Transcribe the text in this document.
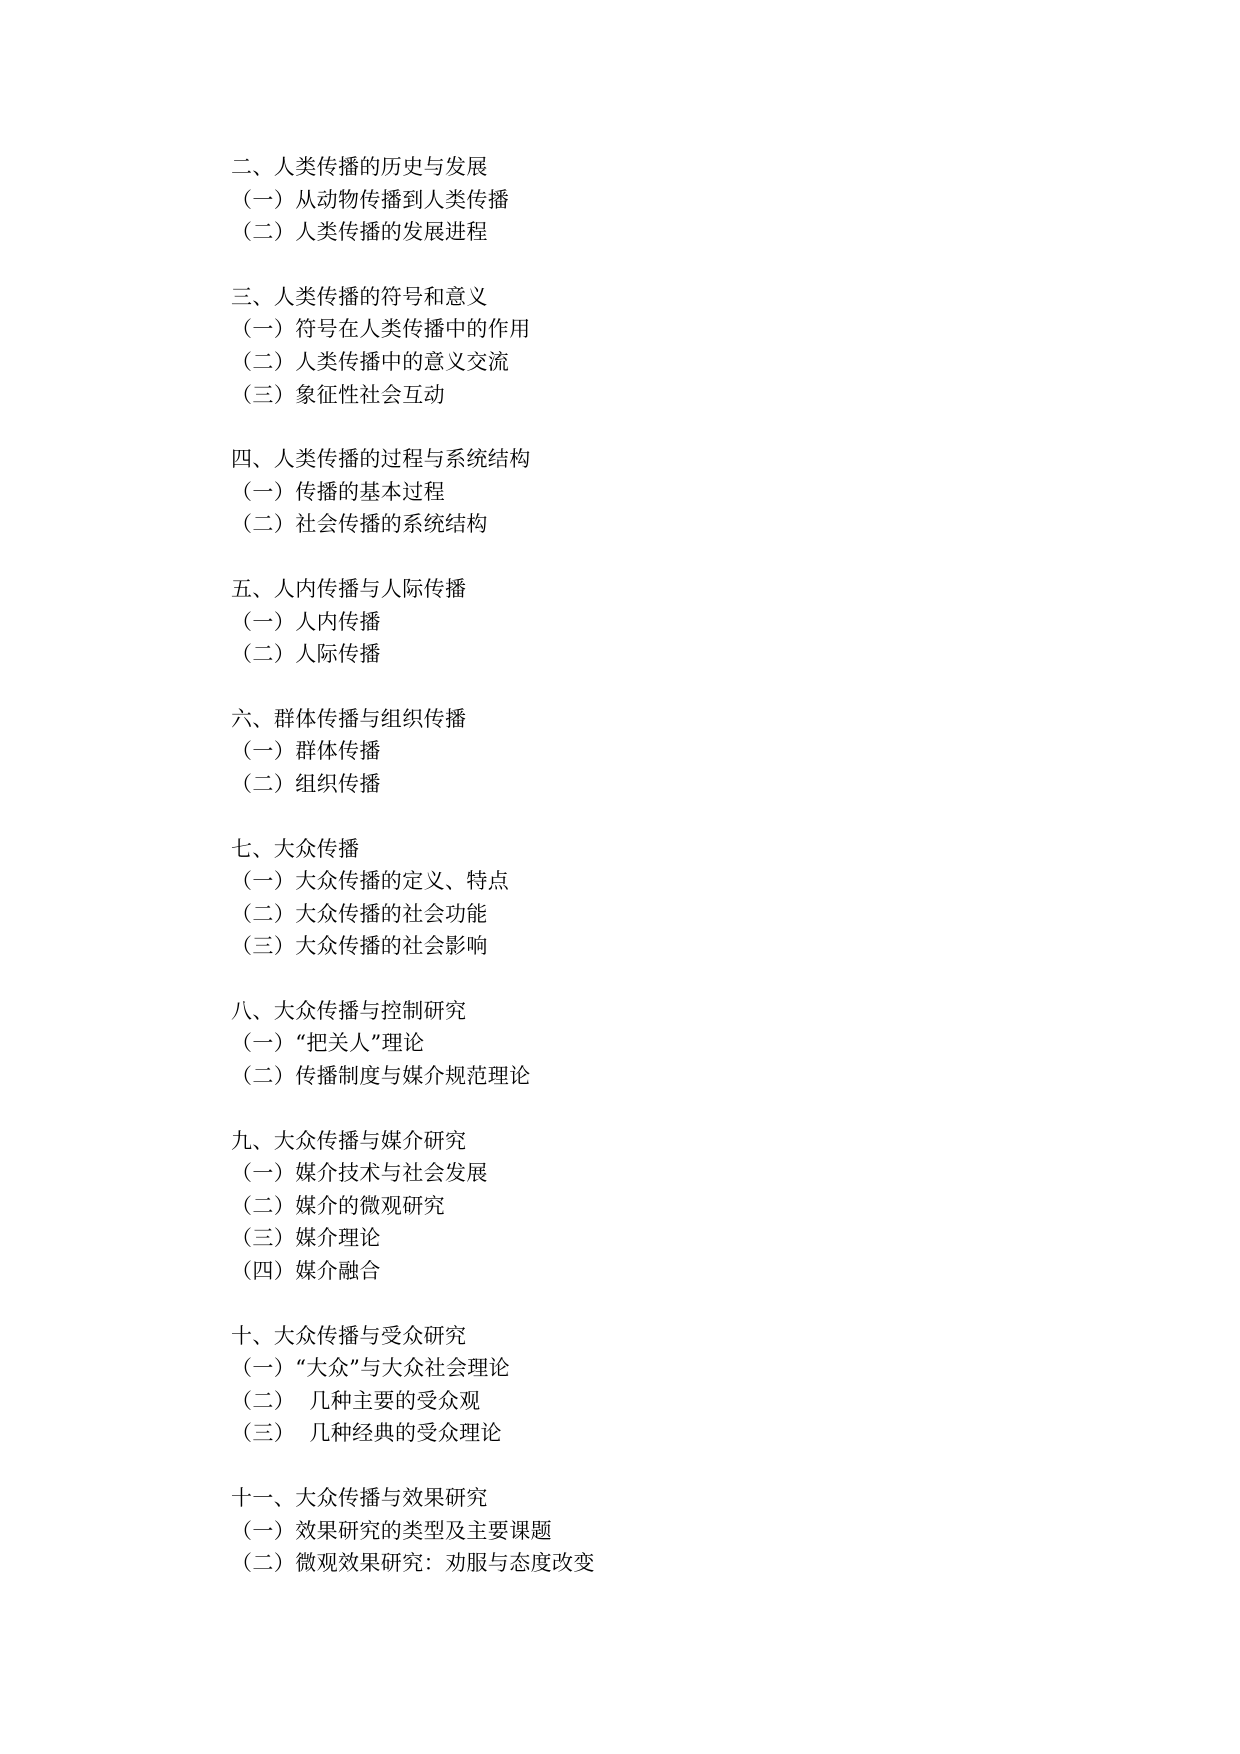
二、人类传播的历史与发展
（一）从动物传播到人类传播
（二）人类传播的发展进程
三、人类传播的符号和意义
（一）符号在人类传播中的作用
（二）人类传播中的意义交流
（三）象征性社会互动
四、人类传播的过程与系统结构
（一）传播的基本过程
（二）社会传播的系统结构
五、人内传播与人际传播
（一）人内传播
（二）人际传播
六、群体传播与组织传播
（一）群体传播
（二）组织传播
七、大众传播
（一）大众传播的定义、特点
（二）大众传播的社会功能
（三）大众传播的社会影响
八、大众传播与控制研究
（一）“把关人”理论
（二）传播制度与媒介规范理论
九、大众传播与媒介研究
（一）媒介技术与社会发展
（二）媒介的微观研究
（三）媒介理论
（四）媒介融合
十、大众传播与受众研究
（一）“大众”与大众社会理论
（二）  几种主要的受众观
（三）  几种经典的受众理论
十一、大众传播与效果研究
（一）效果研究的类型及主要课题
（二）微观效果研究：劝服与态度改变
